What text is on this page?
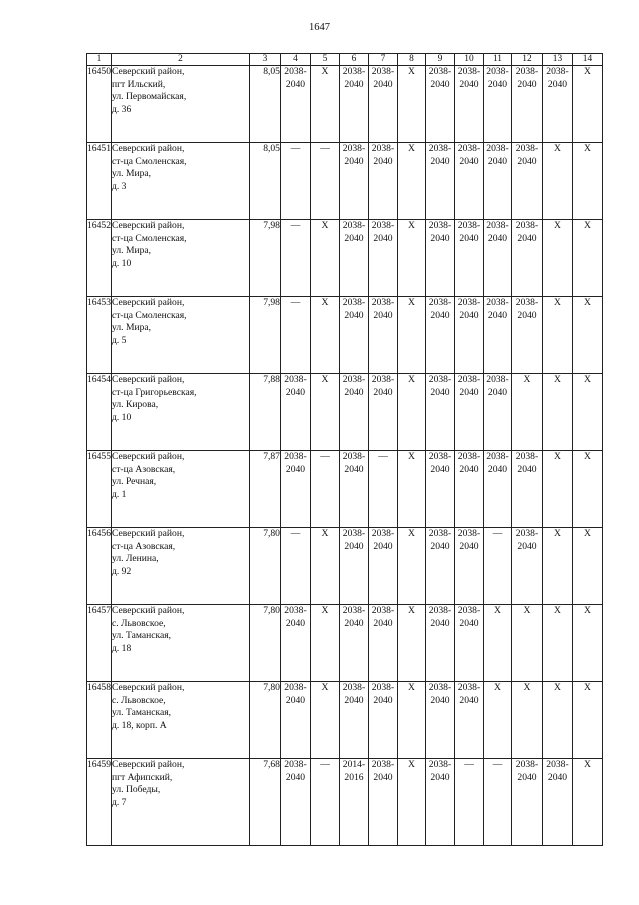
1647
1	2	3	4	5	6	7	8	9	10	11	12	13	14
16450	Северский район,
пгт Ильский,
ул. Первомайская,
д. 36	8,05	2038-
2040	Х	2038-
2040	2038-
2040	Х	2038-
2040	2038-
2040	2038-
2040	2038-
2040	2038-
2040	Х
16451	Северский район,
ст-ца Смоленская,
ул. Мира,
д. 3	8,05	—	—	2038-
2040	2038-
2040	Х	2038-
2040	2038-
2040	2038-
2040	2038-
2040	Х	Х
16452	Северский район,
ст-ца Смоленская,
ул. Мира,
д. 10	7,98	—	Х	2038-
2040	2038-
2040	Х	2038-
2040	2038-
2040	2038-
2040	2038-
2040	Х	Х
16453	Северский район,
ст-ца Смоленская,
ул. Мира,
д. 5	7,98	—	Х	2038-
2040	2038-
2040	Х	2038-
2040	2038-
2040	2038-
2040	2038-
2040	Х	Х
16454	Северский район,
ст-ца Григорьевская,
ул. Кирова,
д. 10	7,88	2038-
2040	Х	2038-
2040	2038-
2040	Х	2038-
2040	2038-
2040	2038-
2040	Х	Х	Х
16455	Северский район,
ст-ца Азовская,
ул. Речная,
д. 1	7,87	2038-
2040	—	2038-
2040	—	Х	2038-
2040	2038-
2040	2038-
2040	2038-
2040	Х	Х
16456	Северский район,
ст-ца Азовская,
ул. Ленина,
д. 92	7,80	—	Х	2038-
2040	2038-
2040	Х	2038-
2040	2038-
2040	—	2038-
2040	Х	Х
16457	Северский район,
с. Львовское,
ул. Таманская,
д. 18	7,80	2038-
2040	Х	2038-
2040	2038-
2040	Х	2038-
2040	2038-
2040	Х	Х	Х	Х
16458	Северский район,
с. Львовское,
ул. Таманская,
д. 18, корп. А	7,80	2038-
2040	Х	2038-
2040	2038-
2040	Х	2038-
2040	2038-
2040	Х	Х	Х	Х
16459	Северский район,
пгт Афипский,
ул. Победы,
д. 7	7,68	2038-
2040	—	2014-
2016	2038-
2040	Х	2038-
2040	—	—	2038-
2040	2038-
2040	Х
